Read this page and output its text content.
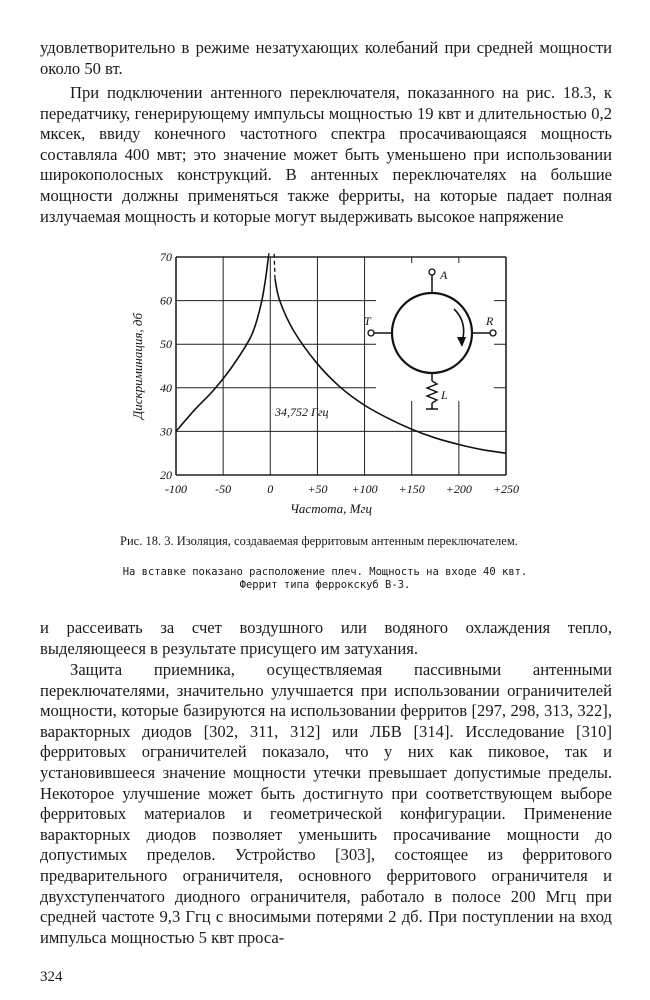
удовлетворительно в режиме незатухающих колебаний при средней мощности около 50 вт.

При подключении антенного переключателя, показанного на рис. 18.3, к передатчику, генерирующему импульсы мощностью 19 квт и длительностью 0,2 мксек, ввиду конечного частотного спектра просачивающаяся мощность составляла 400 мвт; это значение может быть уменьшено при использовании широкополосных конструкций. В антенных переключателях на большие мощности должны применяться также ферриты, на которые падает полная излучаемая мощность и которые могут выдерживать высокое напряжение

-100 -50	0	+50 +100 +150 +200 +250
20
30
40
50
60
70
Частота, Мгц
Дискриминация, дб	34,752 Ггц
A
R
T
L

Рис. 18. 3. Изоляция, создаваемая ферритовым антенным переключателем.

На вставке показано расположение плеч. Мощность на входе 40 квт. Феррит типа феррокскуб В-3.

и рассеивать за счет воздушного или водяного охлаждения тепло, выделяющееся в результате присущего им затухания.

Защита приемника, осуществляемая пассивными антенными переключателями, значительно улучшается при использовании ограничителей мощности, которые базируются на использовании ферритов [297, 298, 313, 322], варакторных диодов [302, 311, 312] или ЛБВ [314]. Исследование [310] ферритовых ограничителей показало, что у них как пиковое, так и установившееся значение мощности утечки превышает допустимые пределы. Некоторое улучшение может быть достигнуто при соответствующем выборе ферритовых материалов и геометрической конфигурации. Применение варакторных диодов позволяет уменьшить просачивание мощности до допустимых пределов. Устройство [303], состоящее из ферритового предварительного ограничителя, основного ферритового ограничителя и двухступенчатого диодного ограничителя, работало в полосе 200 Мгц при средней частоте 9,3 Ггц с вносимыми потерями 2 дб. При поступлении на вход импульса мощностью 5 квт проса-

324
